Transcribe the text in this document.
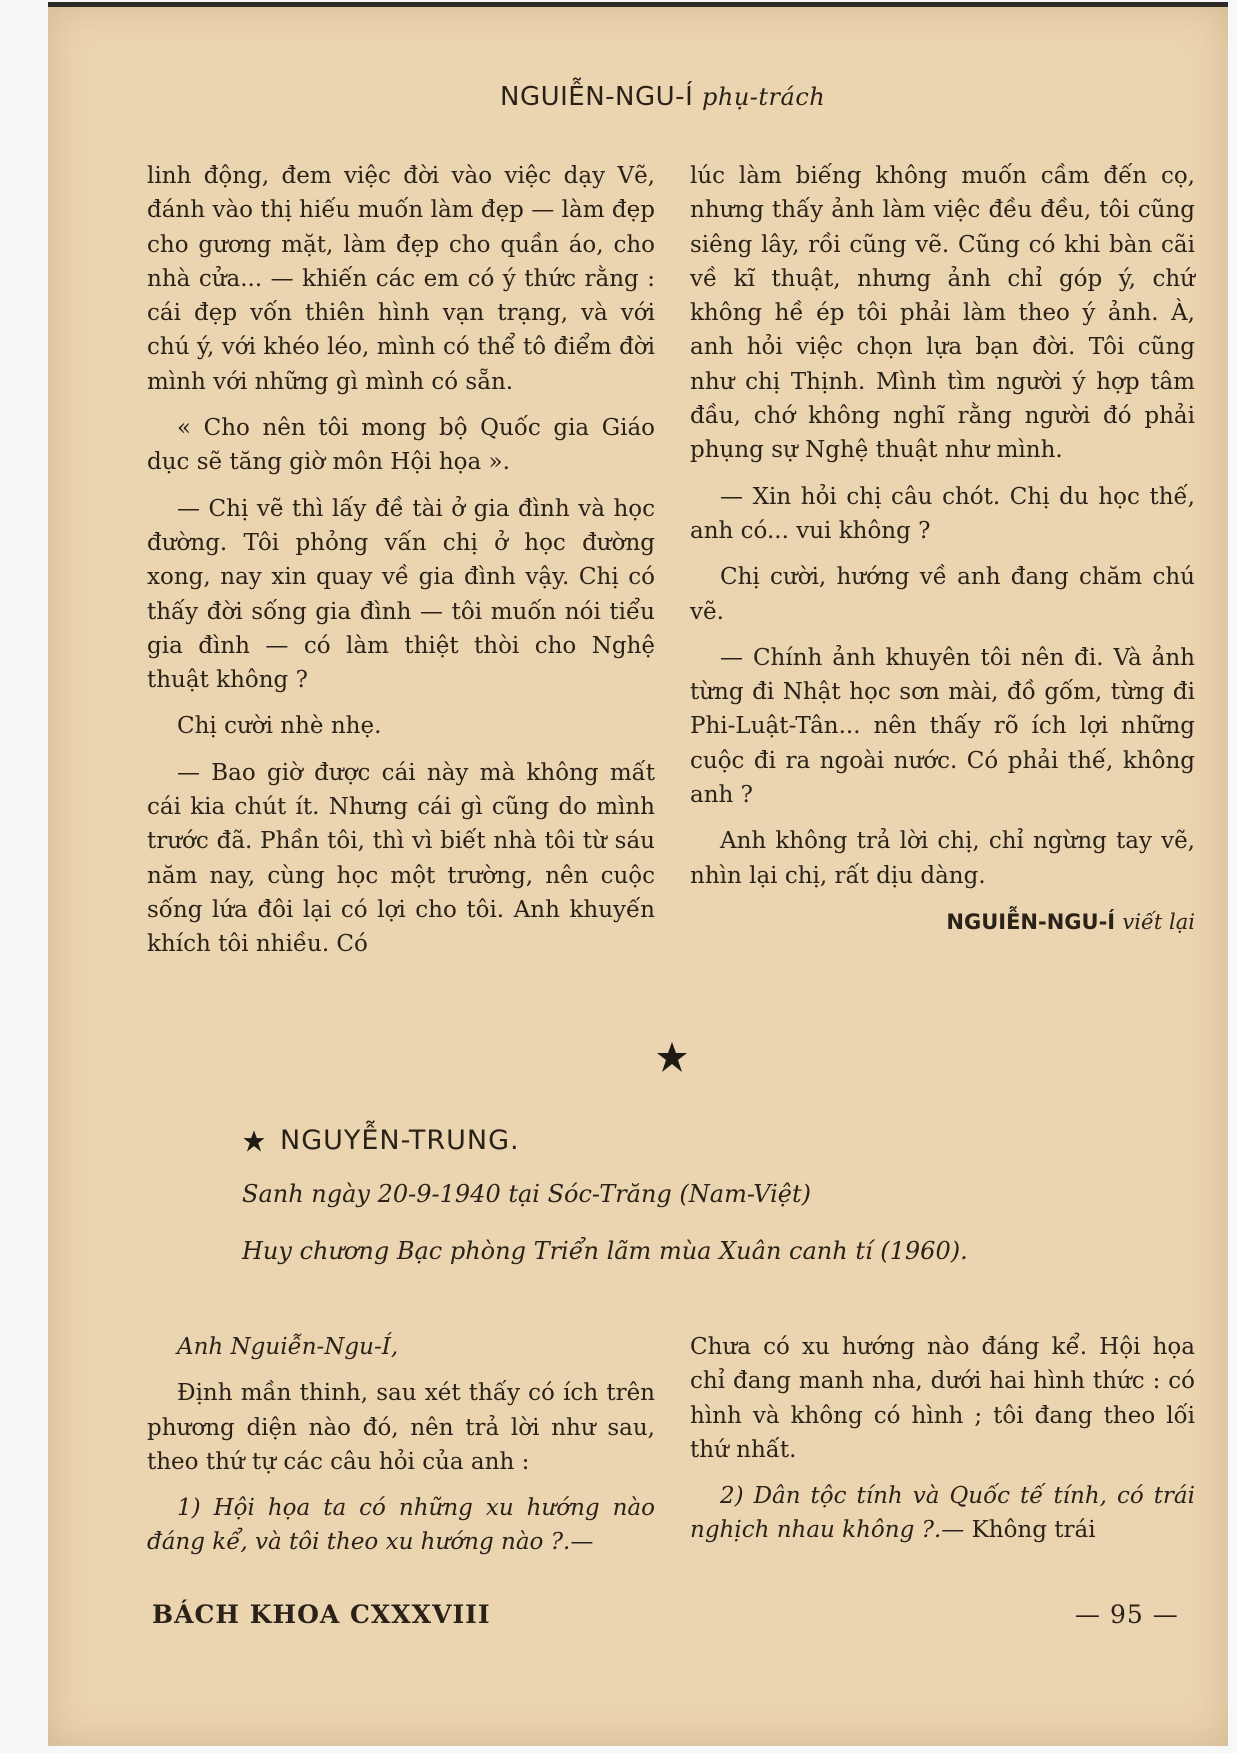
NGUIỄN-NGU-Í phụ-trách

linh động, đem việc đời vào việc dạy Vẽ, đánh vào thị hiếu muốn làm đẹp — làm đẹp cho gương mặt, làm đẹp cho quần áo, cho nhà cửa... — khiến các em có ý thức rằng : cái đẹp vốn thiên hình vạn trạng, và với chú ý, với khéo léo, mình có thể tô điểm đời mình với những gì mình có sẵn.

« Cho nên tôi mong bộ Quốc gia Giáo dục sẽ tăng giờ môn Hội họa ».

— Chị vẽ thì lấy đề tài ở gia đình và học đường. Tôi phỏng vấn chị ở học đường xong, nay xin quay về gia đình vậy. Chị có thấy đời sống gia đình — tôi muốn nói tiểu gia đình — có làm thiệt thòi cho Nghệ thuật không ?

Chị cười nhè nhẹ.

— Bao giờ được cái này mà không mất cái kia chút ít. Nhưng cái gì cũng do mình trước đã. Phần tôi, thì vì biết nhà tôi từ sáu năm nay, cùng học một trường, nên cuộc sống lứa đôi lại có lợi cho tôi. Anh khuyến khích tôi nhiều. Có

lúc làm biếng không muốn cầm đến cọ, nhưng thấy ảnh làm việc đều đều, tôi cũng siêng lây, rồi cũng vẽ. Cũng có khi bàn cãi về kĩ thuật, nhưng ảnh chỉ góp ý, chứ không hề ép tôi phải làm theo ý ảnh. À, anh hỏi việc chọn lựa bạn đời. Tôi cũng như chị Thịnh. Mình tìm người ý hợp tâm đầu, chớ không nghĩ rằng người đó phải phụng sự Nghệ thuật như mình.

— Xin hỏi chị câu chót. Chị du học thế, anh có... vui không ?

Chị cười, hướng về anh đang chăm chú vẽ.

— Chính ảnh khuyên tôi nên đi. Và ảnh từng đi Nhật học sơn mài, đồ gốm, từng đi Phi-Luật-Tân... nên thấy rõ ích lợi những cuộc đi ra ngoài nước. Có phải thế, không anh ?

Anh không trả lời chị, chỉ ngừng tay vẽ, nhìn lại chị, rất dịu dàng.

NGUIỄN-NGU-Í viết lại
NGUYỄN-TRUNG.
Sanh ngày 20-9-1940 tại Sóc-Trăng (Nam-Việt)
Huy chương Bạc phòng Triển lãm mùa Xuân canh tí (1960).

Anh Nguiễn-Ngu-Í,

Định mần thinh, sau xét thấy có ích trên phương diện nào đó, nên trả lời như sau, theo thứ tự các câu hỏi của anh :

1) Hội họa ta có những xu hướng nào đáng kể, và tôi theo xu hướng nào ?.—

Chưa có xu hướng nào đáng kể. Hội họa chỉ đang manh nha, dưới hai hình thức : có hình và không có hình ; tôi đang theo lối thứ nhất.

2) Dân tộc tính và Quốc tế tính, có trái nghịch nhau không ?.— Không trái

BÁCH KHOA CXXXVIII	— 95 —
